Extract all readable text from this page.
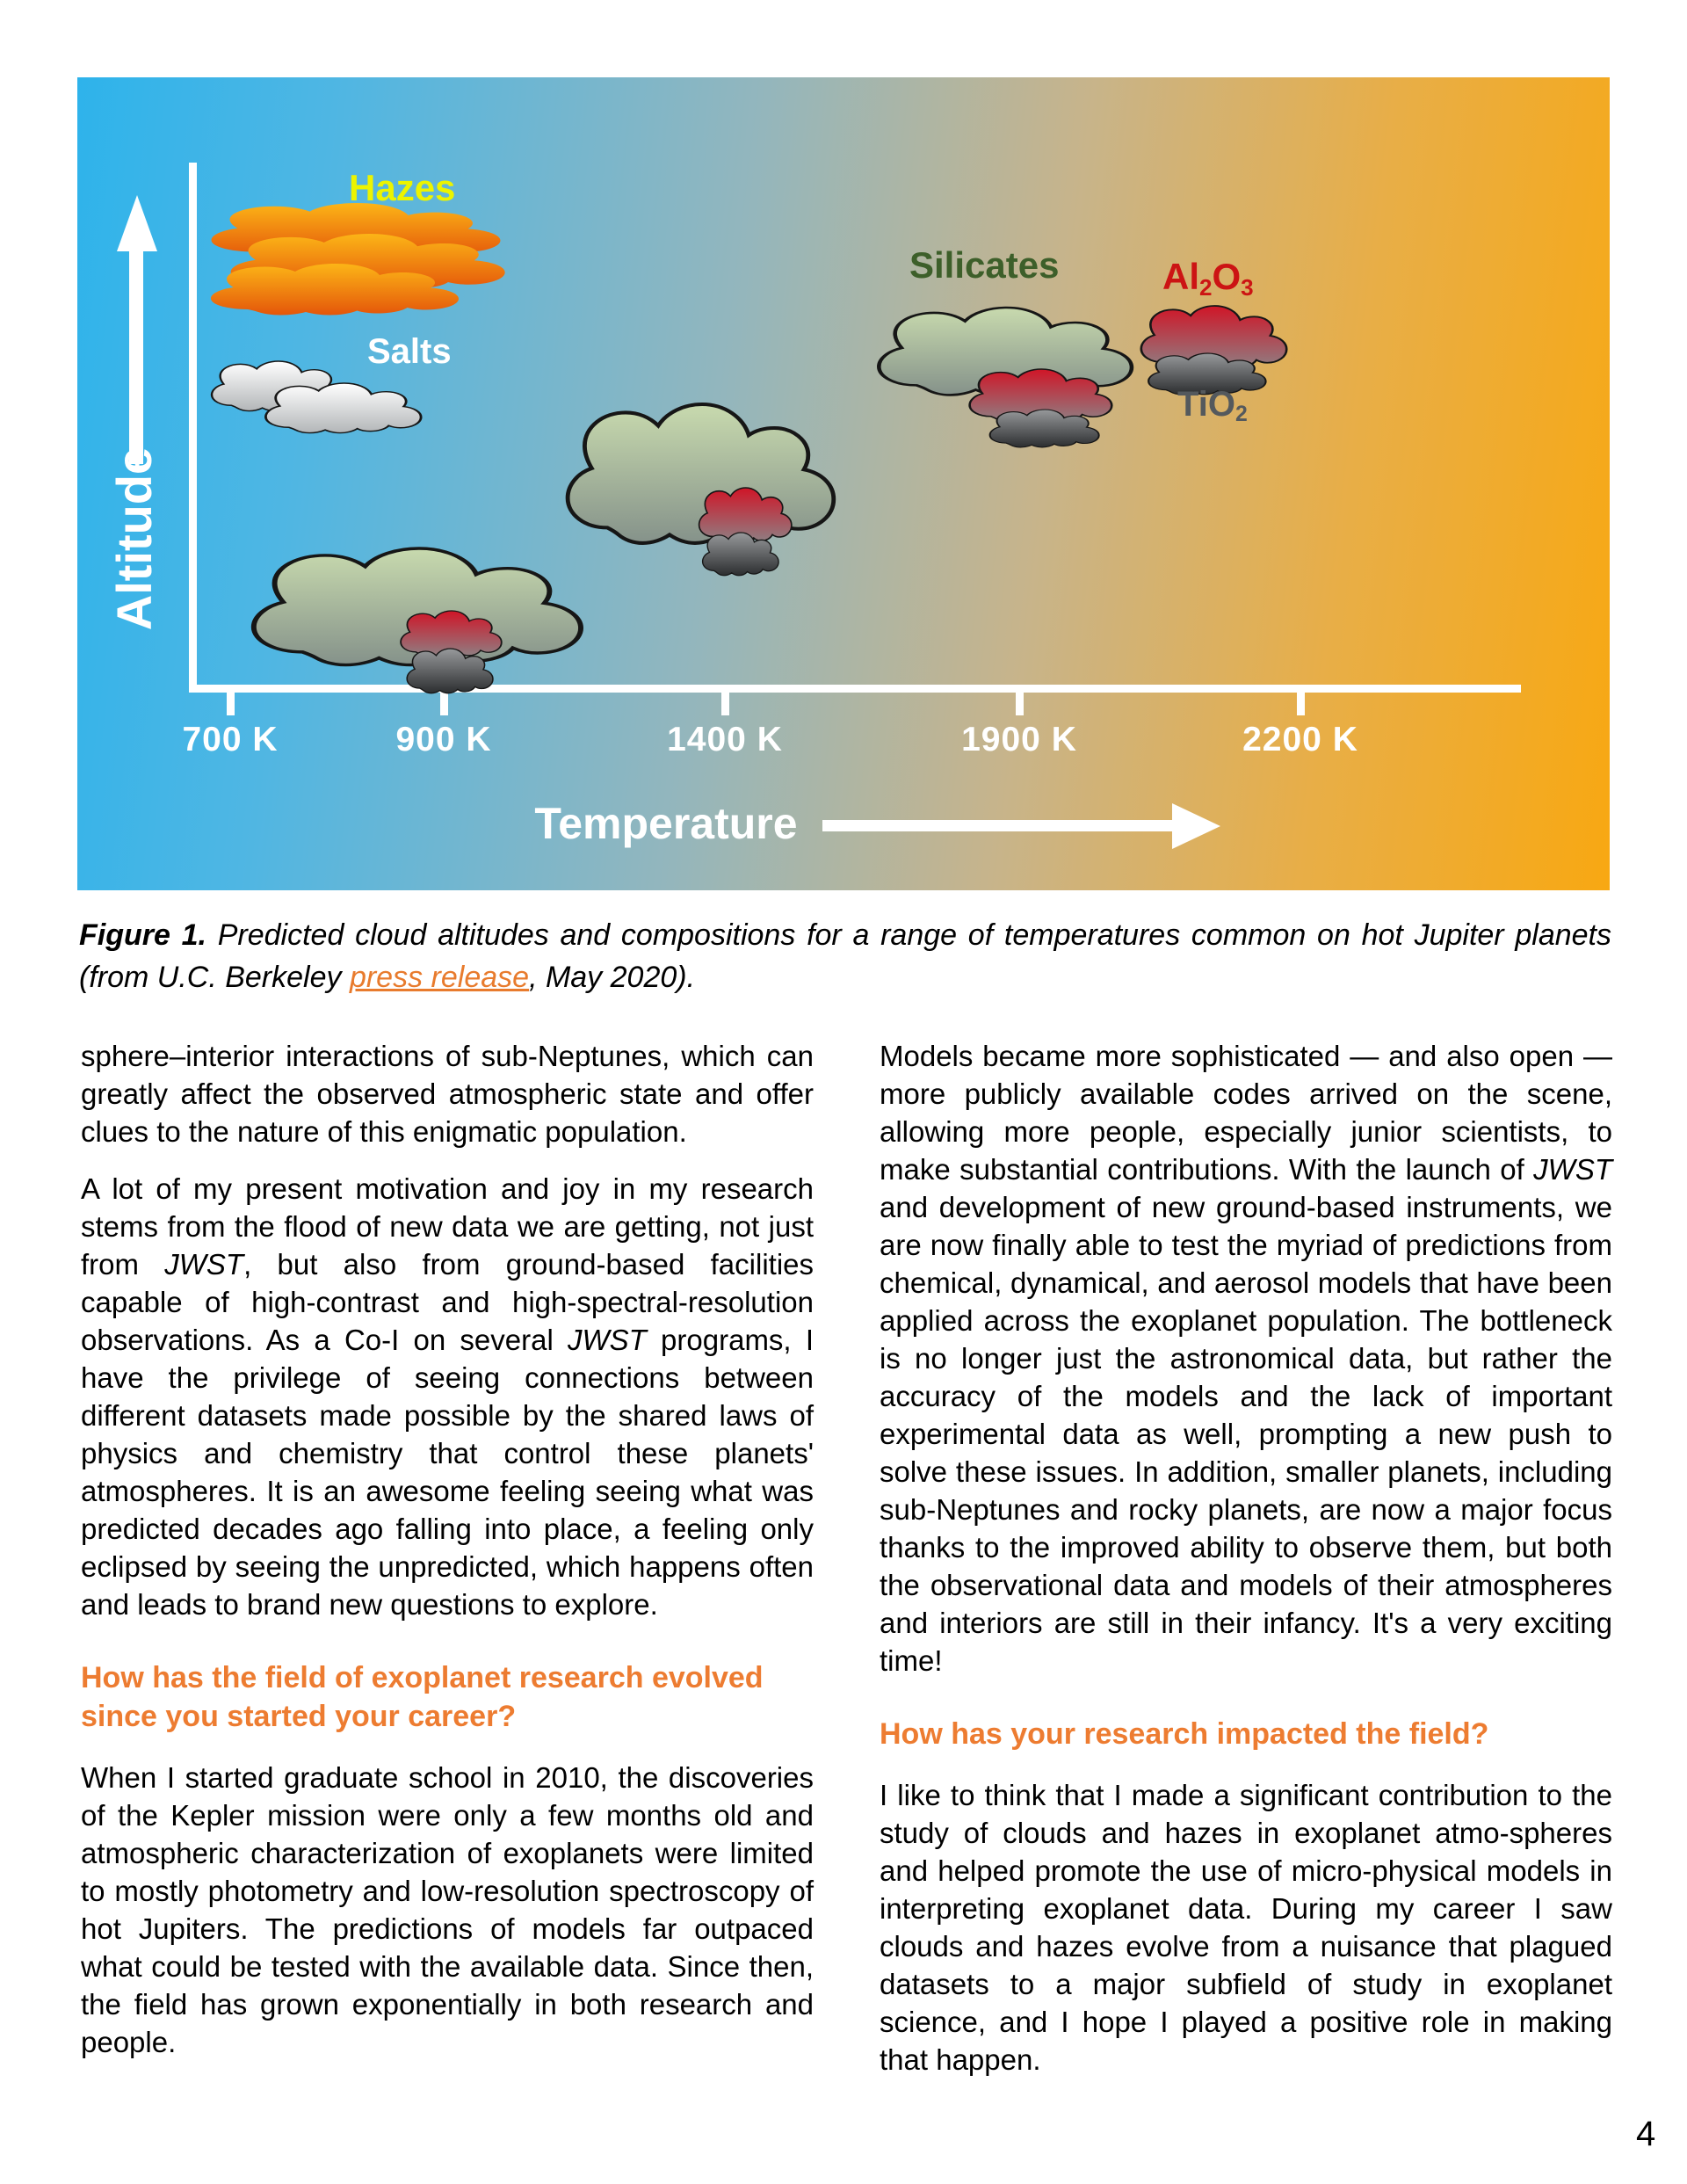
Altitude
700 K	900 K	1400 K	1900 K	2200 K
Temperature
Hazes
Salts
Silicates	Al2O3
TiO2
Figure 1. Predicted cloud altitudes and compositions for a range of temperatures common on hot Jupiter planets (from U.C. Berkeley press release, May 2020).

sphere–interior interactions of sub-Neptunes, which can greatly affect the observed atmospheric state and offer clues to the nature of this enigmatic population.

A lot of my present motivation and joy in my research stems from the flood of new data we are getting, not just from JWST, but also from ground-based facilities capable of high-contrast and high-spectral-resolution observations. As a Co-I on several JWST programs, I have the privilege of seeing connections between different datasets made possible by the shared laws of physics and chemistry that control these planets' atmospheres. It is an awesome feeling seeing what was predicted decades ago falling into place, a feeling only eclipsed by seeing the unpredicted, which happens often and leads to brand new questions to explore.

How has the field of exoplanet research evolved since you started your career?

When I started graduate school in 2010, the discoveries of the Kepler mission were only a few months old and atmospheric characterization of exoplanets were limited to mostly photometry and low-resolution spectroscopy of hot Jupiters. The predictions of models far outpaced what could be tested with the available data. Since then, the field has grown exponentially in both research and people.

Models became more sophisticated — and also open — more publicly available codes arrived on the scene, allowing more people, especially junior scientists, to make substantial contributions. With the launch of JWST and development of new ground-based instruments, we are now finally able to test the myriad of predictions from chemical, dynamical, and aerosol models that have been applied across the exoplanet population. The bottleneck is no longer just the astronomical data, but rather the accuracy of the models and the lack of important experimental data as well, prompting a new push to solve these issues. In addition, smaller planets, including sub-Neptunes and rocky planets, are now a major focus thanks to the improved ability to observe them, but both the observational data and models of their atmospheres and interiors are still in their infancy. It's a very exciting time!

How has your research impacted the field?

I like to think that I made a significant contribution to the study of clouds and hazes in exoplanet atmo-spheres and helped promote the use of micro-physical models in interpreting exoplanet data. During my career I saw clouds and hazes evolve from a nuisance that plagued datasets to a major subfield of study in exoplanet science, and I hope I played a positive role in making that happen.

4
